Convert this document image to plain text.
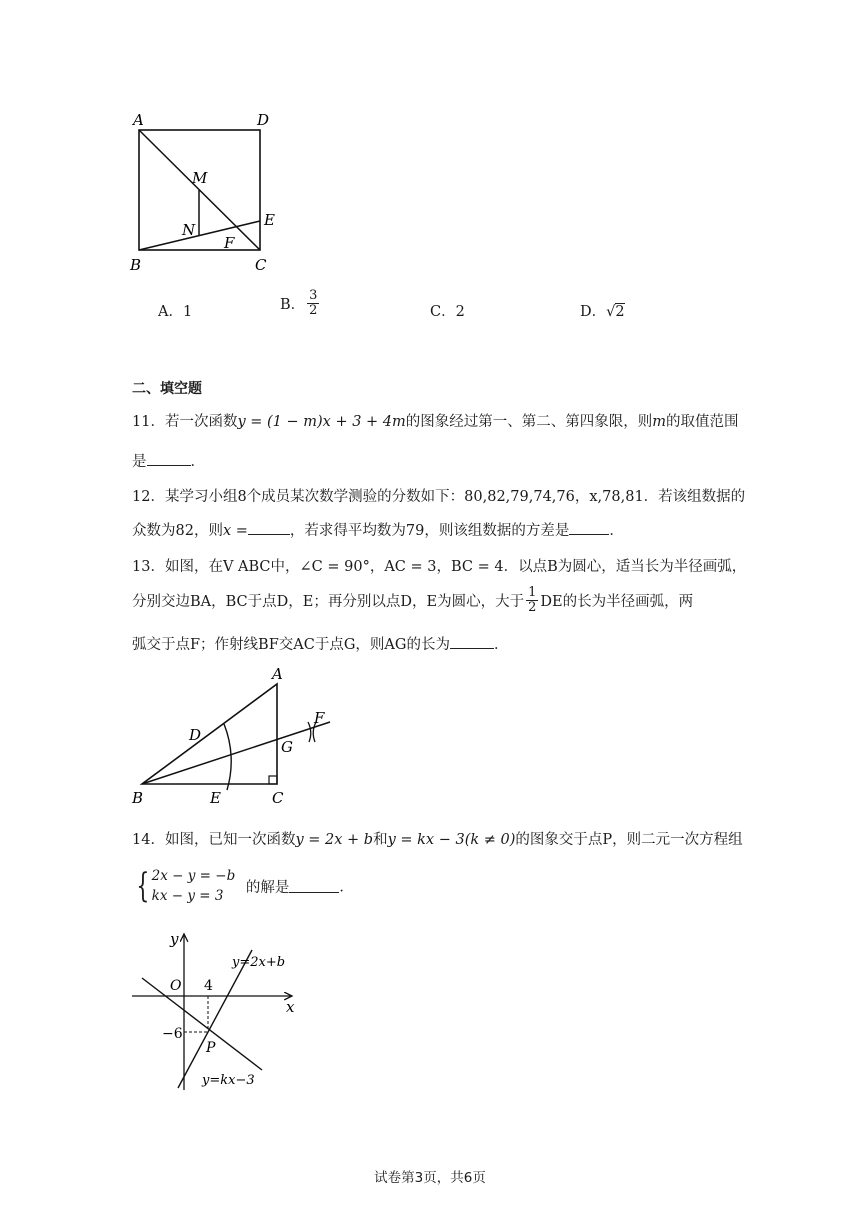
A	D
M
N
F
E
B	C
A．1	B． $\frac{3}{2}$	C．2	D．√2
二、填空题
11．若一次函数y = (1 − m)x + 3 + 4m的图象经过第一、第二、第四象限，则m的取值范围
是	．
12．某学习小组8个成员某次数学测验的分数如下：80,82,79,74,76，x,78,81．若该组数据的
众数为82，则x =	，若求得平均数为79，则该组数据的方差是	．
13．如图，在V ABC中，∠C = 90°，AC = 3，BC = 4．以点B为圆心，适当长为半径画弧，
分别交边BA，BC于点D，E；再分别以点D，E为圆心，大于 $\frac{1}{2}$ DE的长为半径画弧，两
弧交于点F；作射线BF交AC于点G，则AG的长为	．
A
D
F
G
B	E	C
14．如图，已知一次函数y = 2x + b和y = kx − 3(k ≠ 0)的图象交于点P，则二元一次方程组
{ 2x − y = −b
kx − y = 3
的解是	．
y
x
O 4
−6
P
y=2x+b
y=kx−3
试卷第3页，共6页
